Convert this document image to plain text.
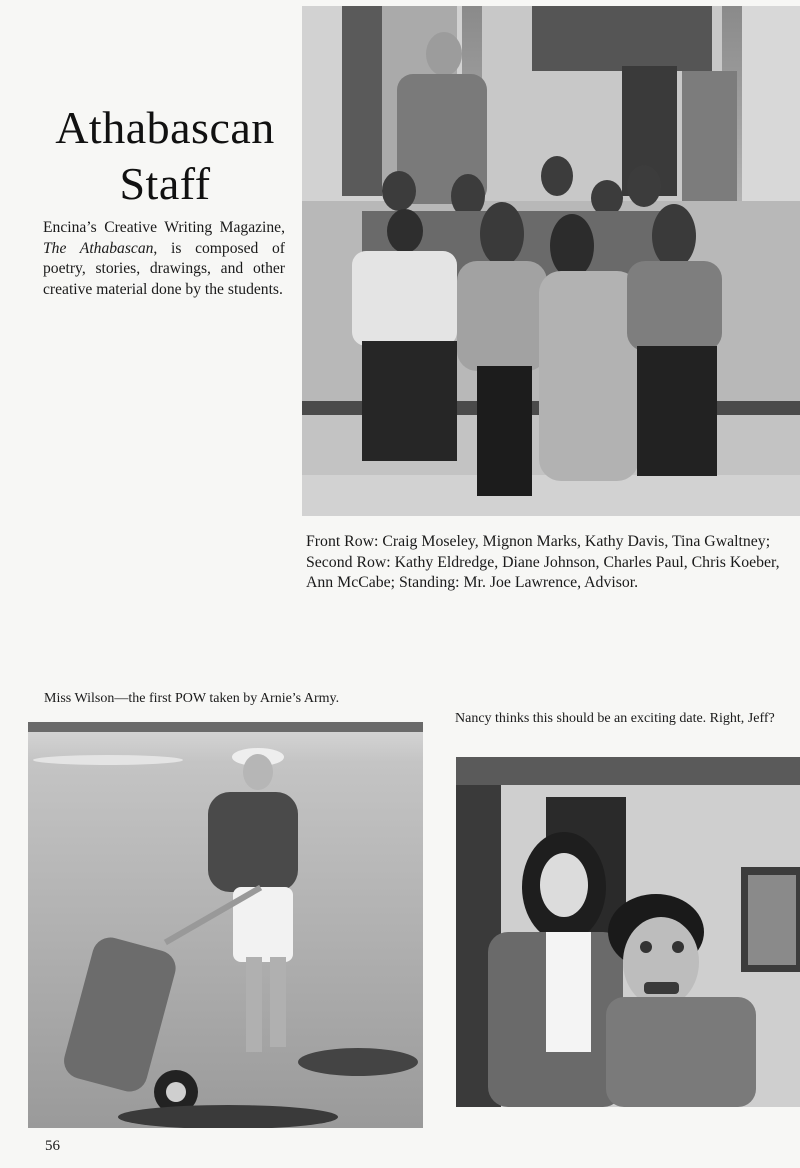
Athabascan
Staff
Encina’s Creative Writing Magazine, The Athabascan, is composed of poetry, stories, drawings, and other creative material done by the students.
Front Row: Craig Moseley, Mignon Marks, Kathy Davis, Tina Gwaltney; Second Row: Kathy Eldredge, Diane Johnson, Charles Paul, Chris Koeber, Ann McCabe; Standing: Mr. Joe Lawrence, Advisor.
Miss Wilson—the first POW taken by Arnie’s Army.
Nancy thinks this should be an exciting date. Right, Jeff?
56
